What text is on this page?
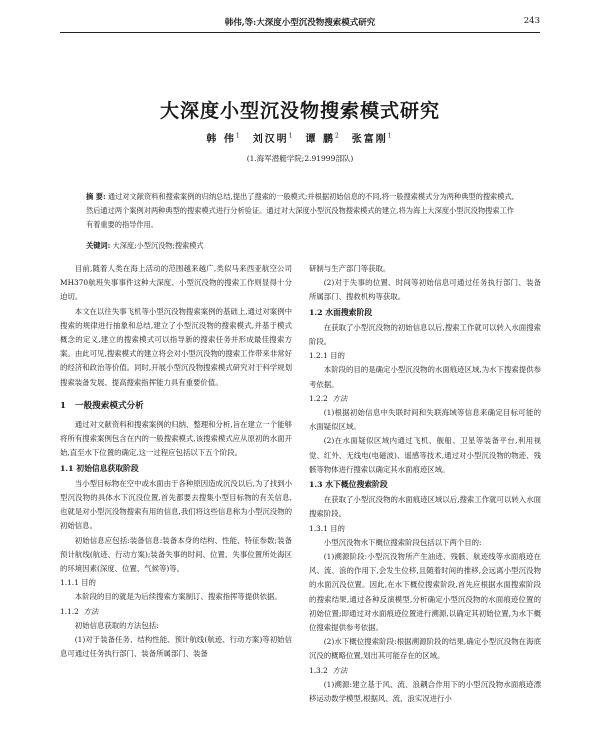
韩伟,等:大深度小型沉没物搜索模式研究	243
大深度小型沉没物搜索模式研究
韩 伟$^1$ 刘汉明$^1$ 谭 鹏$^2$ 张富刚$^1$
(1.海军潜艇学院;2.91999部队)
摘 要: 通过对文献资料和搜索案例的归纳总结,提出了搜索的一般模式;并根据初始信息的不同,将一般搜索模式分为两种典型的搜索模式,然后通过两个案例对两种典型的搜索模式进行分析验证。通过对大深度小型沉没物搜索模式的建立,将为海上大深度小型沉没物搜索工作有着重要的指导作用。
关键词: 大深度;小型沉没物;搜索模式

目前,随着人类在海上活动的范围越来越广,类似马来西亚航空公司MH370航班失事事件这种大深度、小型沉没物的搜索工作则显得十分迫切。

本文在以往失事飞机等小型沉没物搜索案例的基础上,通过对案例中搜索的规律进行抽象和总结,建立了小型沉没物的搜索模式,并基于模式概念的定义,建立的搜索模式可以指导新的搜索任务并形成最佳搜索方案。由此可见,搜索模式的建立将会对小型沉没物的搜索工作带来非常好的经济和政治等价值。同时,开展小型沉没物搜索模式研究对于科学规划搜索装备发展、提高搜索指挥能力具有重要价值。

1 一般搜索模式分析

通过对文献资料和搜索案例的归纳、整理和分析,旨在建立一个能够将所有搜索案例包含在内的一般搜索模式,该搜索模式应从原初的水面开始,直至水下位置的确定,这一过程应包括以下五个阶段。

1.1 初始信息获取阶段

当小型目标物在空中或水面由于各种原因造成沉没以后,为了找到小型沉没物的具体水下沉没位置,首先都要去搜集小型目标物的有关信息,也就是对小型沉没物搜索有用的信息,我们将这些信息称为小型沉没物的初始信息。

初始信息应包括:装备信息:装备本身的结构、性能、特征参数;装备预计航线(航迹、行动方案);装备失事的时间、位置、失事位置所处海区的环境因素(深度、位置、气候等)等。

1.1.1 目的

本阶段的目的就是为后续搜索方案制订、搜索指挥等提供依据。

1.1.2 方法

初始信息获取的方法包括:

(1)对于装备任务、结构性能、预计航线(航迹、行动方案)等初始信息可通过任务执行部门、装备所属部门、装备

研制与生产部门等获取。

(2)对于失事的位置、时间等初始信息可通过任务执行部门、装备所属部门、搜救机构等获取。

1.2 水面搜索阶段

在获取了小型沉没物的初始信息以后,搜索工作就可以转入水面搜索阶段。

1.2.1 目的

本阶段的目的是确定小型沉没物的水面痕迹区域,为水下搜索提供参考依据。

1.2.2 方法

(1)根据初始信息中失联时间和失联海域等信息来确定目标可能的水面疑似区域。

(2)在水面疑似区域内通过飞机、舰船、卫星等装备平台,利用视觉、红外、无线电(电磁波)、遥感等技术,通过对小型沉没物的物迹、残骸等物体进行搜索以确定其水面痕迹区域。

1.3 水下概位搜索阶段

在获取了小型沉没物的水面痕迹区域以后,搜索工作就可以转入水面搜索阶段。

1.3.1 目的

小型沉没物水下概位搜索阶段包括以下两个目的:

(1)溯源阶段:小型沉没物所产生油迹、残骸、航迹线等水面痕迹在风、流、浪的作用下,会发生位移,且随着时间的推移,会远离小型沉没物的水面沉没位置。因此,在水下概位搜索阶段,首先应根据水面搜索阶段的搜索结果,通过各种反演模型,分析确定小型沉没物的水面痕迹位置的初始位置;即通过对水面痕迹位置进行溯源,以确定其初始位置,为水下概位搜索提供参考依据。

(2)水下概位搜索阶段:根据溯源阶段的结果,确定小型沉没物在海底沉没的概略位置,划出其可能存在的区域。

1.3.2 方法

(1)溯源:建立基于风、流、浪耦合作用下的小型沉没物水面痕迹漂移运动数学模型,根据风、流、浪实况进行小
